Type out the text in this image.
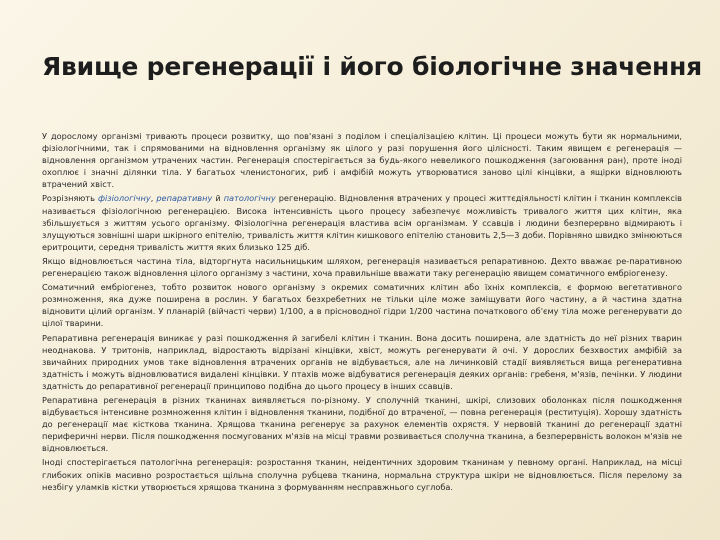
Явище регенерації і його біологічне значення

У дорослому організмі тривають процеси розвитку, що пов'язані з поділом і спеціалізацією клітин. Ці процеси можуть бути як нормальними, фізіологічними, так і спрямованими на відновлення організму як цілого у разі порушення його цілісності. Таким явищем є регенерація — відновлення організмом утрачених частин. Регенерація спостерігається за будь-якого невеликого пошкодження (загоювання ран), проте іноді охоплює і значні ділянки тіла. У багатьох членистоногих, риб і амфібій можуть утворюватися заново цілі кінцівки, а ящірки відновлюють втрачений хвіст.

Розрізняють фізіологічну, репаративну й патологічну регенерацію. Відновлення втрачених у процесі життєдіяльності клітин і тканин комплексів називається фізіологічною регенерацією. Висока інтенсивність цього процесу забезпечує можливість тривалого життя цих клітин, яка збільшується з життям усього організму. Фізіологічна регенерація властива всім організмам. У ссавців і людини безперервно відмирають і злущуються зовнішні шари шкірного епітелію, тривалість життя клітин кишкового епітелію становить 2,5—3 доби. Порівняно швидко змінюються еритроцити, середня тривалість життя яких близько 125 діб.

Якщо відновлюється частина тіла, відторгнута насильницьким шляхом, регенерація називається репаративною. Дехто вважає ре-паративною регенерацією також відновлення цілого організму з частини, хоча правильніше вважати таку регенерацію явищем соматичного ембріогенезу.

Соматичний ембріогенез, тобто розвиток нового організму з окремих соматичних клітин або їхніх комплексів, є формою вегетативного розмноження, яка дуже поширена в рослин. У багатьох безхребетних не тільки ціле може заміщувати його частину, а й частина здатна відновити цілий організм. У планарій (війчасті черви) 1/100, а в прісноводної гідри 1/200 частина початкового об'єму тіла може регенерувати до цілої тварини.

Репаративна регенерація виникає у разі пошкодження й загибелі клітин і тканин. Вона досить поширена, але здатність до неї різних тварин неоднакова. У тритонів, наприклад, відростають відрізані кінцівки, хвіст, можуть регенерувати й очі. У дорослих безхвостих амфібій за звичайних природних умов таке відновлення втрачених органів не відбувається, але на личинковій стадії виявляється вища регенеративна здатність і можуть відновлюватися видалені кінцівки. У птахів може відбуватися регенерація деяких органів: гребеня, м'язів, печінки. У людини здатність до репаративної регенерації принципово подібна до цього процесу в інших ссавців.

Репаративна регенерація в різних тканинах виявляється по-різному. У сполучній тканині, шкірі, слизових оболонках після пошкодження відбувається інтенсивне розмноження клітин і відновлення тканини, подібної до втраченої, — повна регенерація (реституція). Хорошу здатність до регенерації має кісткова тканина. Хрящова тканина регенерує за рахунок елементів охрястя. У нервовій тканині до регенерації здатні периферичні нерви. Після пошкодження посмугованих м'язів на місці травми розвивається сполучна тканина, а безперервність волокон м'язів не відновлюється.

Іноді спостерігається патологічна регенерація: розростання тканин, неідентичних здоровим тканинам у певному органі. Наприклад, на місці глибоких опіків масивно розростається щільна сполучна рубцева тканина, нормальна структура шкіри не відновлюється. Після перелому за незбігу уламків кістки утворюється хрящова тканина з формуванням несправжнього суглоба.
